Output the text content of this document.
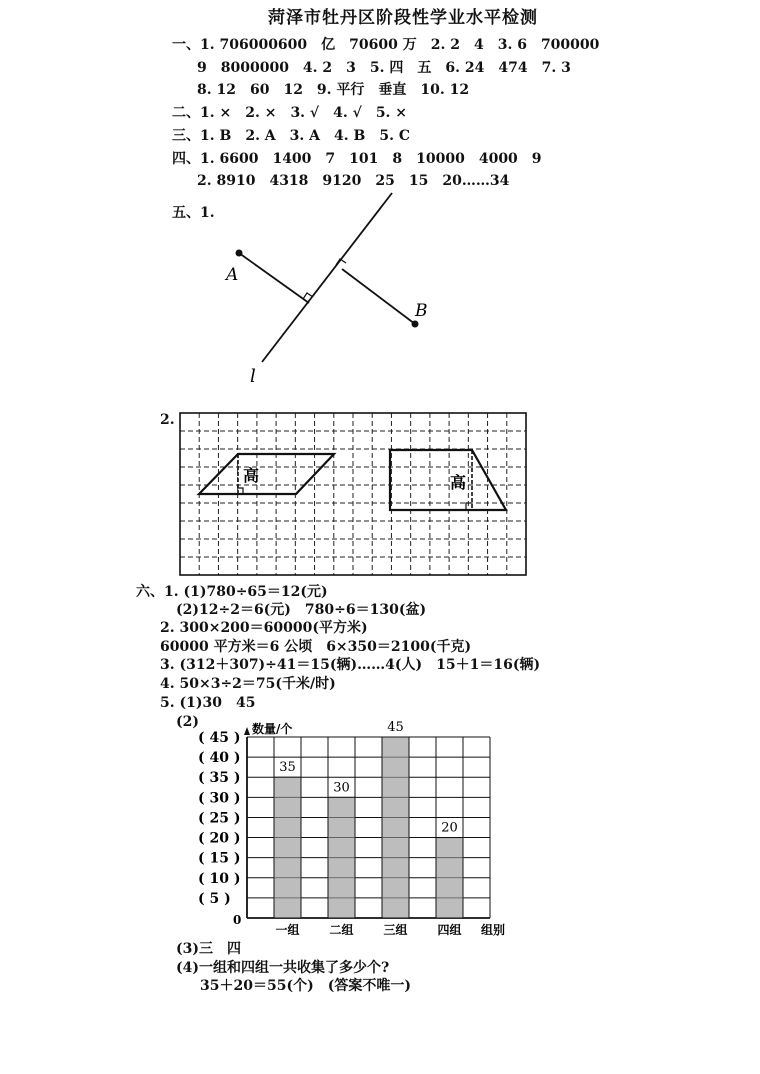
菏泽市牡丹区阶段性学业水平检测
一、1. 706000600　亿　70600 万　2. 2　4　3. 6　700000
9　8000000　4. 2　3　5. 四　五　6. 24　474　7. 3
8. 12　60　12　9. 平行　垂直　10. 12
二、1. ×　2. ×　3. √　4. √　5. ×
三、1. B　2. A　3. A　4. B　5. C
四、1. 6600　1400　7　101　8　10000　4000　9
2. 8910　4318　9120　25　15　20……34
五、1.
A
B
l
2.
高	高
六、1. (1)780÷65＝12(元)
(2)12÷2＝6(元)　780÷6＝130(盆)
2. 300×200＝60000(平方米)
60000 平方米＝6 公顷　6×350＝2100(千克)
3. (312＋307)÷41＝15(辆)……4(人)　15＋1＝16(辆)
4. 50×3÷2＝75(千米/时)
5. (1)30　45
(2)
35
一组
30
二组
45
三组
20
四组
( 45 )
( 40 )
( 35 )
( 30 )
( 25 )
( 20 )
( 15 )
( 10 )
( 5 )
0
数量/个
组别
(3)三　四
(4)一组和四组一共收集了多少个?
35＋20＝55(个)　(答案不唯一)
